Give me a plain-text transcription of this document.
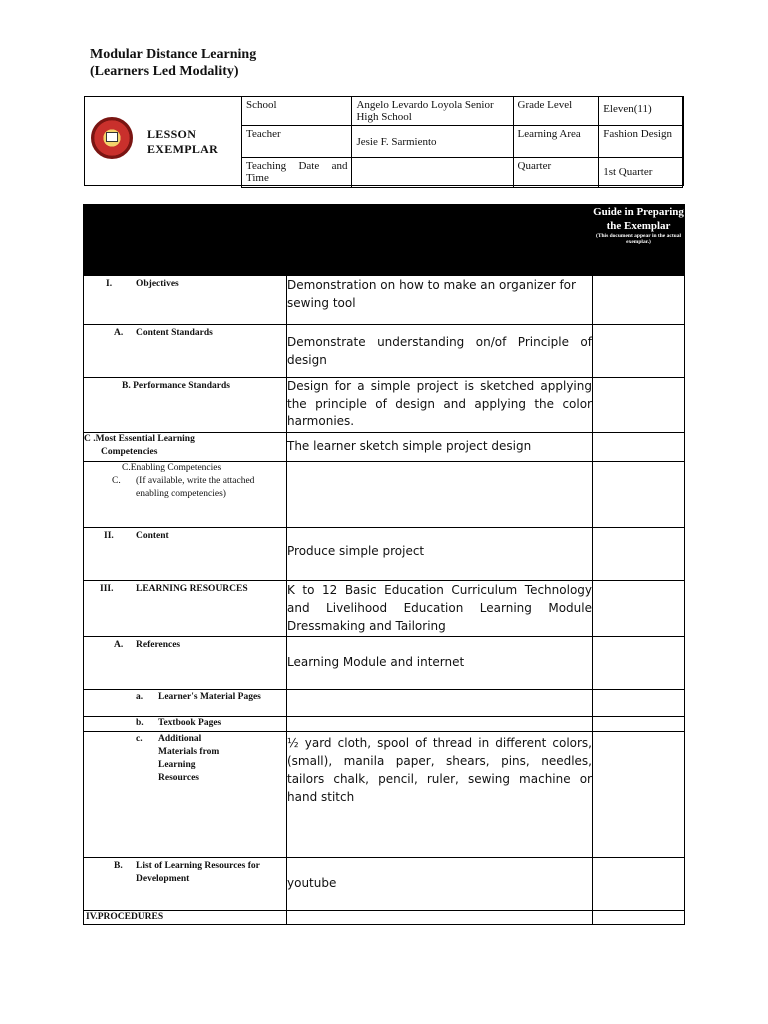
Modular Distance Learning
(Learners Led Modality)
LESSON
EXEMPLAR
School	Angelo Levardo Loyola Senior High School	Grade Level	Eleven(11)
Teacher	Jesie F. Sarmiento	Learning Area	Fashion Design
Teaching Date and Time		Quarter	1st Quarter
		Guide in Preparing the Exemplar
(This document appear in the actual exemplar.)

I. Objectives	Demonstration on how to make an organizer for sewing tool	

A. Content Standards	Demonstrate understanding on/of Principle of design	

B. Performance Standards	Design for a simple project is sketched applying the principle of design and applying the color harmonies.	

C .Most Essential Learning
Competencies	The learner sketch simple project design	

C.Enabling Competencies
C. (If available, write the attached enabling competencies)		

II. Content	Produce simple project	

III. LEARNING RESOURCES	K to 12 Basic Education Curriculum Technology and Livelihood Education Learning Module Dressmaking and Tailoring	

A. References	Learning Module and internet	

a. Learner's Material Pages		

b. Textbook Pages		

c. Additional Materials from Learning Resources	½ yard cloth, spool of thread in different colors, (small), manila paper, shears, pins, needles, tailors chalk, pencil, ruler, sewing machine or hand stitch	

B. List of Learning Resources for Development	youtube	
IV.PROCEDURES		
